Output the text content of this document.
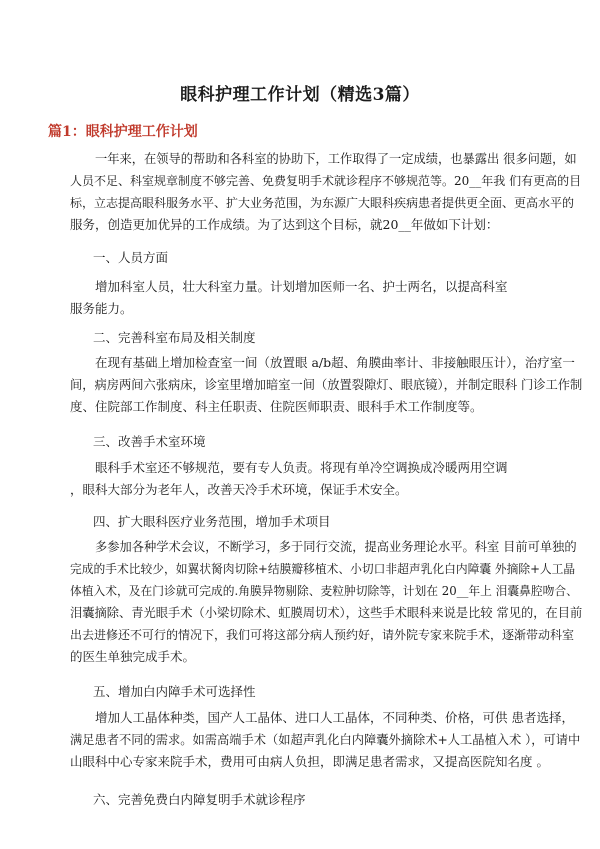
眼科护理工作计划（精选3篇）
篇1：眼科护理工作计划
一年来，在领导的帮助和各科室的协助下，工作取得了一定成绩，也暴露出 很多问题，如
人员不足、科室规章制度不够完善、免费复明手术就诊程序不够规范等。20__年我 们有更高的目
标，立志提高眼科服务水平、扩大业务范围，为东源广大眼科疾病患者提供更全面、更高水平的
服务，创造更加优异的工作成绩。为了达到这个目标，就20__年做如下计划：
一、人员方面
增加科室人员，壮大科室力量。计划增加医师一名、护士两名，以提高科室
服务能力。
二、完善科室布局及相关制度
在现有基础上增加检查室一间（放置眼 a/b超、角膜曲率计、非接触眼压计），治疗室一
间，病房两间六张病床，诊室里增加暗室一间（放置裂隙灯、眼底镜），并制定眼科 门诊工作制
度、住院部工作制度、科主任职责、住院医师职责、眼科手术工作制度等。
三、改善手术室环境
眼科手术室还不够规范，要有专人负责。将现有单冷空调换成冷暖两用空调
，眼科大部分为老年人，改善天冷手术环境，保证手术安全。
四、扩大眼科医疗业务范围，增加手术项目
多参加各种学术会议，不断学习，多于同行交流，提高业务理论水平。科室 目前可单独的
完成的手术比较少，如翼状胬肉切除+结膜瓣移植术、小切口非超声乳化白内障囊 外摘除+人工晶
体植入术，及在门诊就可完成的.角膜异物剔除、麦粒肿切除等，计划在 20__年上 泪囊鼻腔吻合、
泪囊摘除、青光眼手术（小梁切除术、虹膜周切术），这些手术眼科来说是比较 常见的，在目前
出去进修还不可行的情况下，我们可将这部分病人预约好，请外院专家来院手术，逐渐带动科室
的医生单独完成手术。
五、增加白内障手术可选择性
增加人工晶体种类，国产人工晶体、进口人工晶体，不同种类、价格，可供 患者选择，
满足患者不同的需求。如需高端手术（如超声乳化白内障囊外摘除术+人工晶植入术 ），可请中
山眼科中心专家来院手术，费用可由病人负担，即满足患者需求，又提高医院知名度 。
六、完善免费白内障复明手术就诊程序
